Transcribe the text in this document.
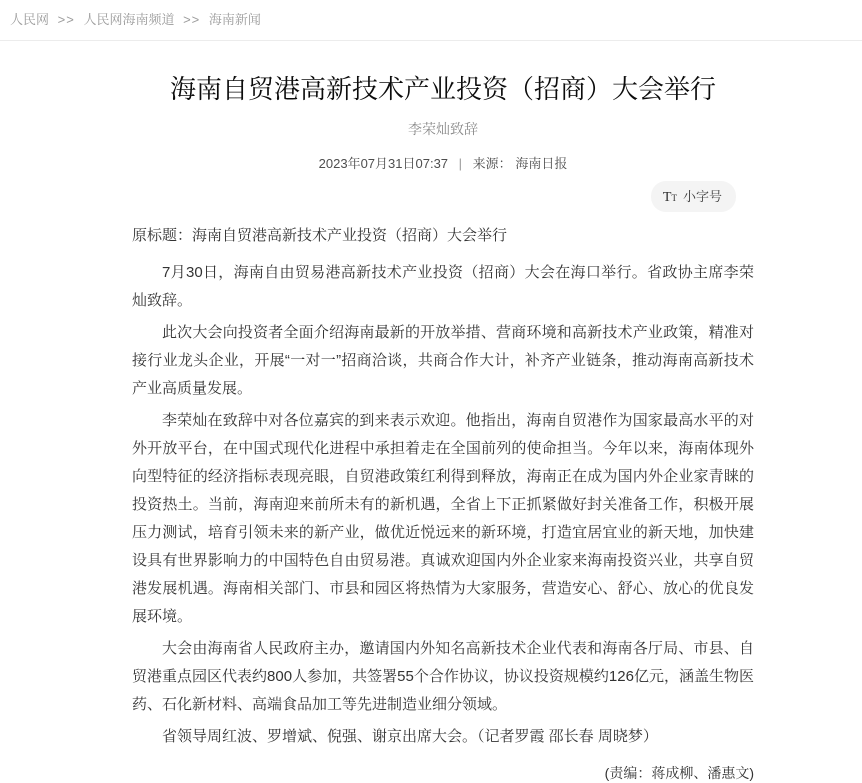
人民网 >> 人民网海南频道 >> 海南新闻
海南自贸港高新技术产业投资（招商）大会举行
李荣灿致辞
2023年07月31日07:37 | 来源： 海南日报
TT 小字号

原标题：海南自贸港高新技术产业投资（招商）大会举行

7月30日，海南自由贸易港高新技术产业投资（招商）大会在海口举行。省政协主席李荣灿致辞。

此次大会向投资者全面介绍海南最新的开放举措、营商环境和高新技术产业政策，精准对接行业龙头企业，开展“一对一”招商洽谈，共商合作大计，补齐产业链条，推动海南高新技术产业高质量发展。

李荣灿在致辞中对各位嘉宾的到来表示欢迎。他指出，海南自贸港作为国家最高水平的对外开放平台，在中国式现代化进程中承担着走在全国前列的使命担当。今年以来，海南体现外向型特征的经济指标表现亮眼，自贸港政策红利得到释放，海南正在成为国内外企业家青睐的投资热土。当前，海南迎来前所未有的新机遇，全省上下正抓紧做好封关准备工作，积极开展压力测试，培育引领未来的新产业，做优近悦远来的新环境，打造宜居宜业的新天地，加快建设具有世界影响力的中国特色自由贸易港。真诚欢迎国内外企业家来海南投资兴业，共享自贸港发展机遇。海南相关部门、市县和园区将热情为大家服务，营造安心、舒心、放心的优良发展环境。

大会由海南省人民政府主办，邀请国内外知名高新技术企业代表和海南各厅局、市县、自贸港重点园区代表约800人参加，共签署55个合作协议，协议投资规模约126亿元，涵盖生物医药、石化新材料、高端食品加工等先进制造业细分领域。

省领导周红波、罗增斌、倪强、谢京出席大会。（记者罗霞 邵长春 周晓梦）

(责编：蒋成柳、潘惠文)
